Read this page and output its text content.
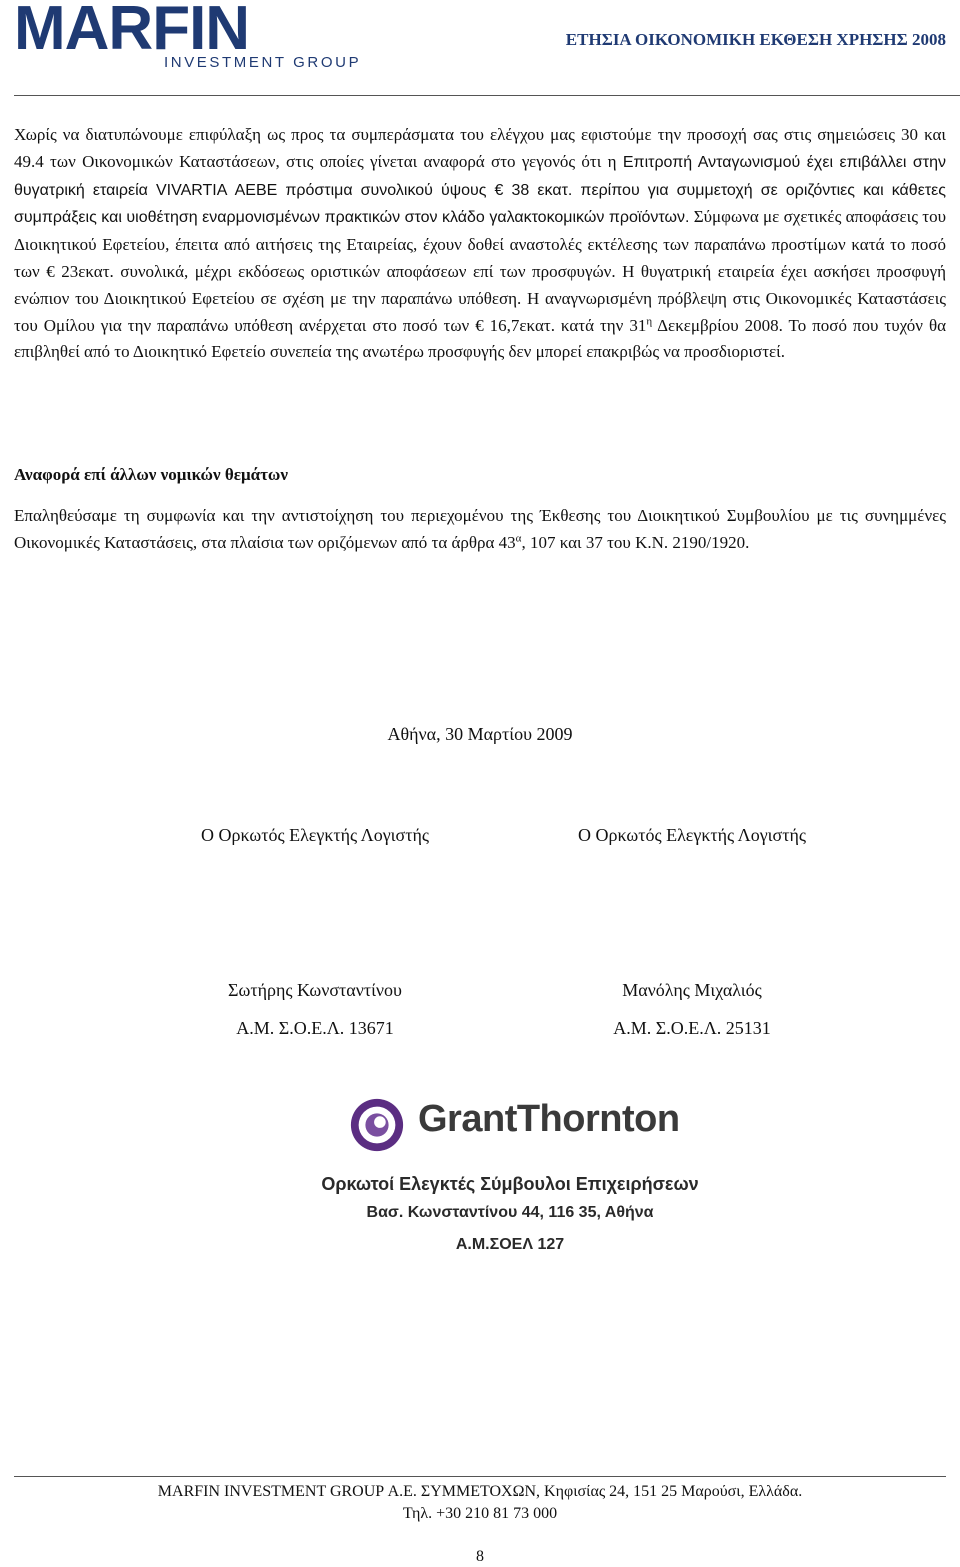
MARFIN
INVESTMENT GROUP
ΕΤΗΣΙΑ ΟΙΚΟΝΟΜΙΚΗ ΕΚΘΕΣΗ ΧΡΗΣΗΣ 2008

Χωρίς να διατυπώνουμε επιφύλαξη ως προς τα συμπεράσματα του ελέγχου μας εφιστούμε την προσοχή σας στις σημειώσεις 30 και 49.4 των Οικονομικών Καταστάσεων, στις οποίες γίνεται αναφορά στο γεγονός ότι η Επιτροπή Ανταγωνισμού έχει επιβάλλει στην θυγατρική εταιρεία VIVARTIA ΑΕΒΕ πρόστιμα συνολικού ύψους € 38 εκατ. περίπου για συμμετοχή σε οριζόντιες και κάθετες συμπράξεις και υιοθέτηση εναρμονισμένων πρακτικών στον κλάδο γαλακτοκομικών προϊόντων. Σύμφωνα με σχετικές αποφάσεις του Διοικητικού Εφετείου, έπειτα από αιτήσεις της Εταιρείας, έχουν δοθεί αναστολές εκτέλεσης των παραπάνω προστίμων κατά το ποσό των € 23εκατ. συνολικά, μέχρι εκδόσεως οριστικών αποφάσεων επί των προσφυγών. Η θυγατρική εταιρεία έχει ασκήσει προσφυγή ενώπιον του Διοικητικού Εφετείου σε σχέση με την παραπάνω υπόθεση. Η αναγνωρισμένη πρόβλεψη στις Οικονομικές Καταστάσεις του Ομίλου για την παραπάνω υπόθεση ανέρχεται στο ποσό των € 16,7εκατ. κατά την $31^\eta$ Δεκεμβρίου 2008. Το ποσό που τυχόν θα επιβληθεί από το Διοικητικό Εφετείο συνεπεία της ανωτέρω προσφυγής δεν μπορεί επακριβώς να προσδιοριστεί.

Αναφορά επί άλλων νομικών θεμάτων

Επαληθεύσαμε τη συμφωνία και την αντιστοίχηση του περιεχομένου της Έκθεσης του Διοικητικού Συμβουλίου με τις συνημμένες Οικονομικές Καταστάσεις, στα πλαίσια των οριζόμενων από τα άρθρα $43^\alpha$, 107 και 37 του Κ.Ν. 2190/1920.

Αθήνα, 30 Μαρτίου 2009
Ο Ορκωτός Ελεγκτής Λογιστής	Ο Ορκωτός Ελεγκτής Λογιστής
Σωτήρης Κωνσταντίνου	Μανόλης Μιχαλιός
Α.Μ. Σ.Ο.Ε.Λ. 13671	Α.Μ. Σ.Ο.Ε.Λ. 25131
GrantThornton
Ορκωτοί Ελεγκτές Σύμβουλοι Επιχειρήσεων
Βασ. Κωνσταντίνου 44, 116 35, Αθήνα
Α.Μ.ΣΟΕΛ 127
MARFIN INVESTMENT GROUP Α.Ε. ΣΥΜΜΕΤΟΧΩΝ, Κηφισίας 24, 151 25 Μαρούσι, Ελλάδα.
Τηλ. +30 210 81 73 000
8
